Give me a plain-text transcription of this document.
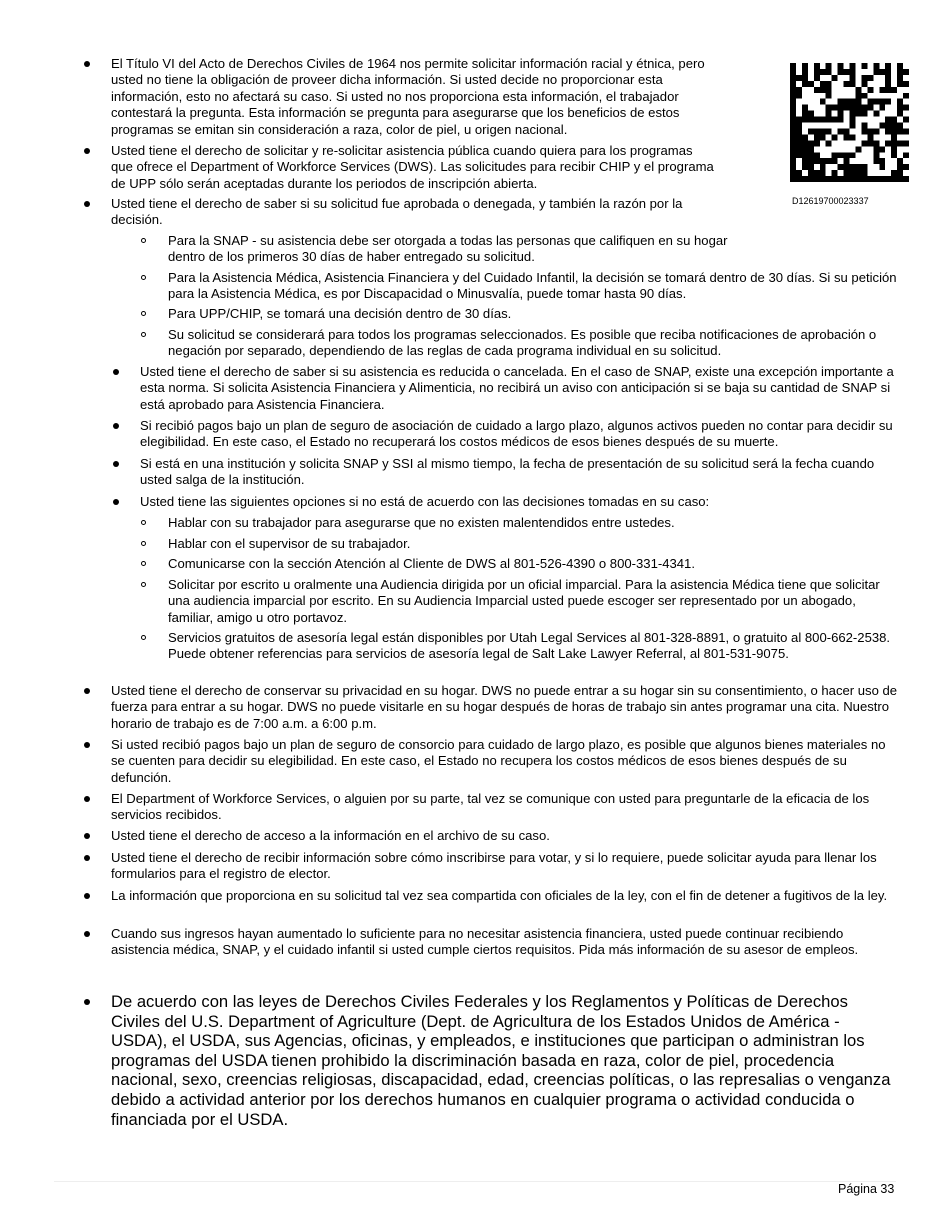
D12619700023337
El Título VI del Acto de Derechos Civiles de 1964 nos permite solicitar información racial y étnica, pero usted no tiene la obligación de proveer dicha información. Si usted decide no proporcionar esta información, esto no afectará su caso. Si usted no nos proporciona esta información, el trabajador contestará la pregunta. Esta información se pregunta para asegurarse que los beneficios de estos programas se emitan sin consideración a raza, color de piel, u origen nacional.
Usted tiene el derecho de solicitar y re-solicitar asistencia pública cuando quiera para los programas que ofrece el Department of Workforce Services (DWS). Las solicitudes para recibir CHIP y el programa de UPP sólo serán aceptadas durante los periodos de inscripción abierta.
Usted tiene el derecho de saber si su solicitud fue aprobada o denegada, y también la razón por la decisión.
Para la SNAP - su asistencia debe ser otorgada a todas las personas que califiquen en su hogar dentro de los primeros 30 días de haber entregado su solicitud.
Para la Asistencia Médica, Asistencia Financiera y del Cuidado Infantil, la decisión se tomará dentro de 30 días. Si su petición para la Asistencia Médica, es por Discapacidad o Minusvalía, puede tomar hasta 90 días.
Para UPP/CHIP, se tomará una decisión dentro de 30 días.
Su solicitud se considerará para todos los programas seleccionados. Es posible que reciba notificaciones de aprobación o negación por separado, dependiendo de las reglas de cada programa individual en su solicitud.
Usted tiene el derecho de saber si su asistencia es reducida o cancelada. En el caso de SNAP, existe una excepción importante a esta norma. Si solicita Asistencia Financiera y Alimenticia, no recibirá un aviso con anticipación si se baja su cantidad de SNAP si está aprobado para Asistencia Financiera.
Si recibió pagos bajo un plan de seguro de asociación de cuidado a largo plazo, algunos activos pueden no contar para decidir su elegibilidad. En este caso, el Estado no recuperará los costos médicos de esos bienes después de su muerte.
Si está en una institución y solicita SNAP y SSI al mismo tiempo, la fecha de presentación de su solicitud será la fecha cuando usted salga de la institución.
Usted tiene las siguientes opciones si no está de acuerdo con las decisiones tomadas en su caso:
Hablar con su trabajador para asegurarse que no existen malentendidos entre ustedes.
Hablar con el supervisor de su trabajador.
Comunicarse con la sección Atención al Cliente de DWS al 801-526-4390 o 800-331-4341.
Solicitar por escrito u oralmente una Audiencia dirigida por un oficial imparcial. Para la asistencia Médica tiene que solicitar una audiencia imparcial por escrito. En su Audiencia Imparcial usted puede escoger ser representado por un abogado, familiar, amigo u otro portavoz.
Servicios gratuitos de asesoría legal están disponibles por Utah Legal Services al 801-328-8891, o gratuito al 800-662-2538. Puede obtener referencias para servicios de asesoría legal de Salt Lake Lawyer Referral, al 801-531-9075.
Usted tiene el derecho de conservar su privacidad en su hogar. DWS no puede entrar a su hogar sin su consentimiento, o hacer uso de fuerza para entrar a su hogar. DWS no puede visitarle en su hogar después de horas de trabajo sin antes programar una cita. Nuestro horario de trabajo es de 7:00 a.m. a 6:00 p.m.
Si usted recibió pagos bajo un plan de seguro de consorcio para cuidado de largo plazo, es posible que algunos bienes materiales no se cuenten para decidir su elegibilidad. En este caso, el Estado no recupera los costos médicos de esos bienes después de su defunción.
El Department of Workforce Services, o alguien por su parte, tal vez se comunique con usted para preguntarle de la eficacia de los servicios recibidos.
Usted tiene el derecho de acceso a la información en el archivo de su caso.
Usted tiene el derecho de recibir información sobre cómo inscribirse para votar, y si lo requiere, puede solicitar ayuda para llenar los formularios para el registro de elector.
La información que proporciona en su solicitud tal vez sea compartida con oficiales de la ley, con el fin de detener a fugitivos de la ley.
Cuando sus ingresos hayan aumentado lo suficiente para no necesitar asistencia financiera, usted puede continuar recibiendo asistencia médica, SNAP, y el cuidado infantil si usted cumple ciertos requisitos. Pida más información de su asesor de empleos.
De acuerdo con las leyes de Derechos Civiles Federales y los Reglamentos y Políticas de Derechos Civiles del U.S. Department of Agriculture (Dept. de Agricultura de los Estados Unidos de América - USDA), el USDA, sus Agencias, oficinas, y empleados, e instituciones que participan o administran los programas del USDA tienen prohibido la discriminación basada en raza, color de piel, procedencia nacional, sexo, creencias religiosas, discapacidad, edad, creencias políticas, o las represalias o venganza debido a actividad anterior por los derechos humanos en cualquier programa o actividad conducida o financiada por el USDA.
Página 33
